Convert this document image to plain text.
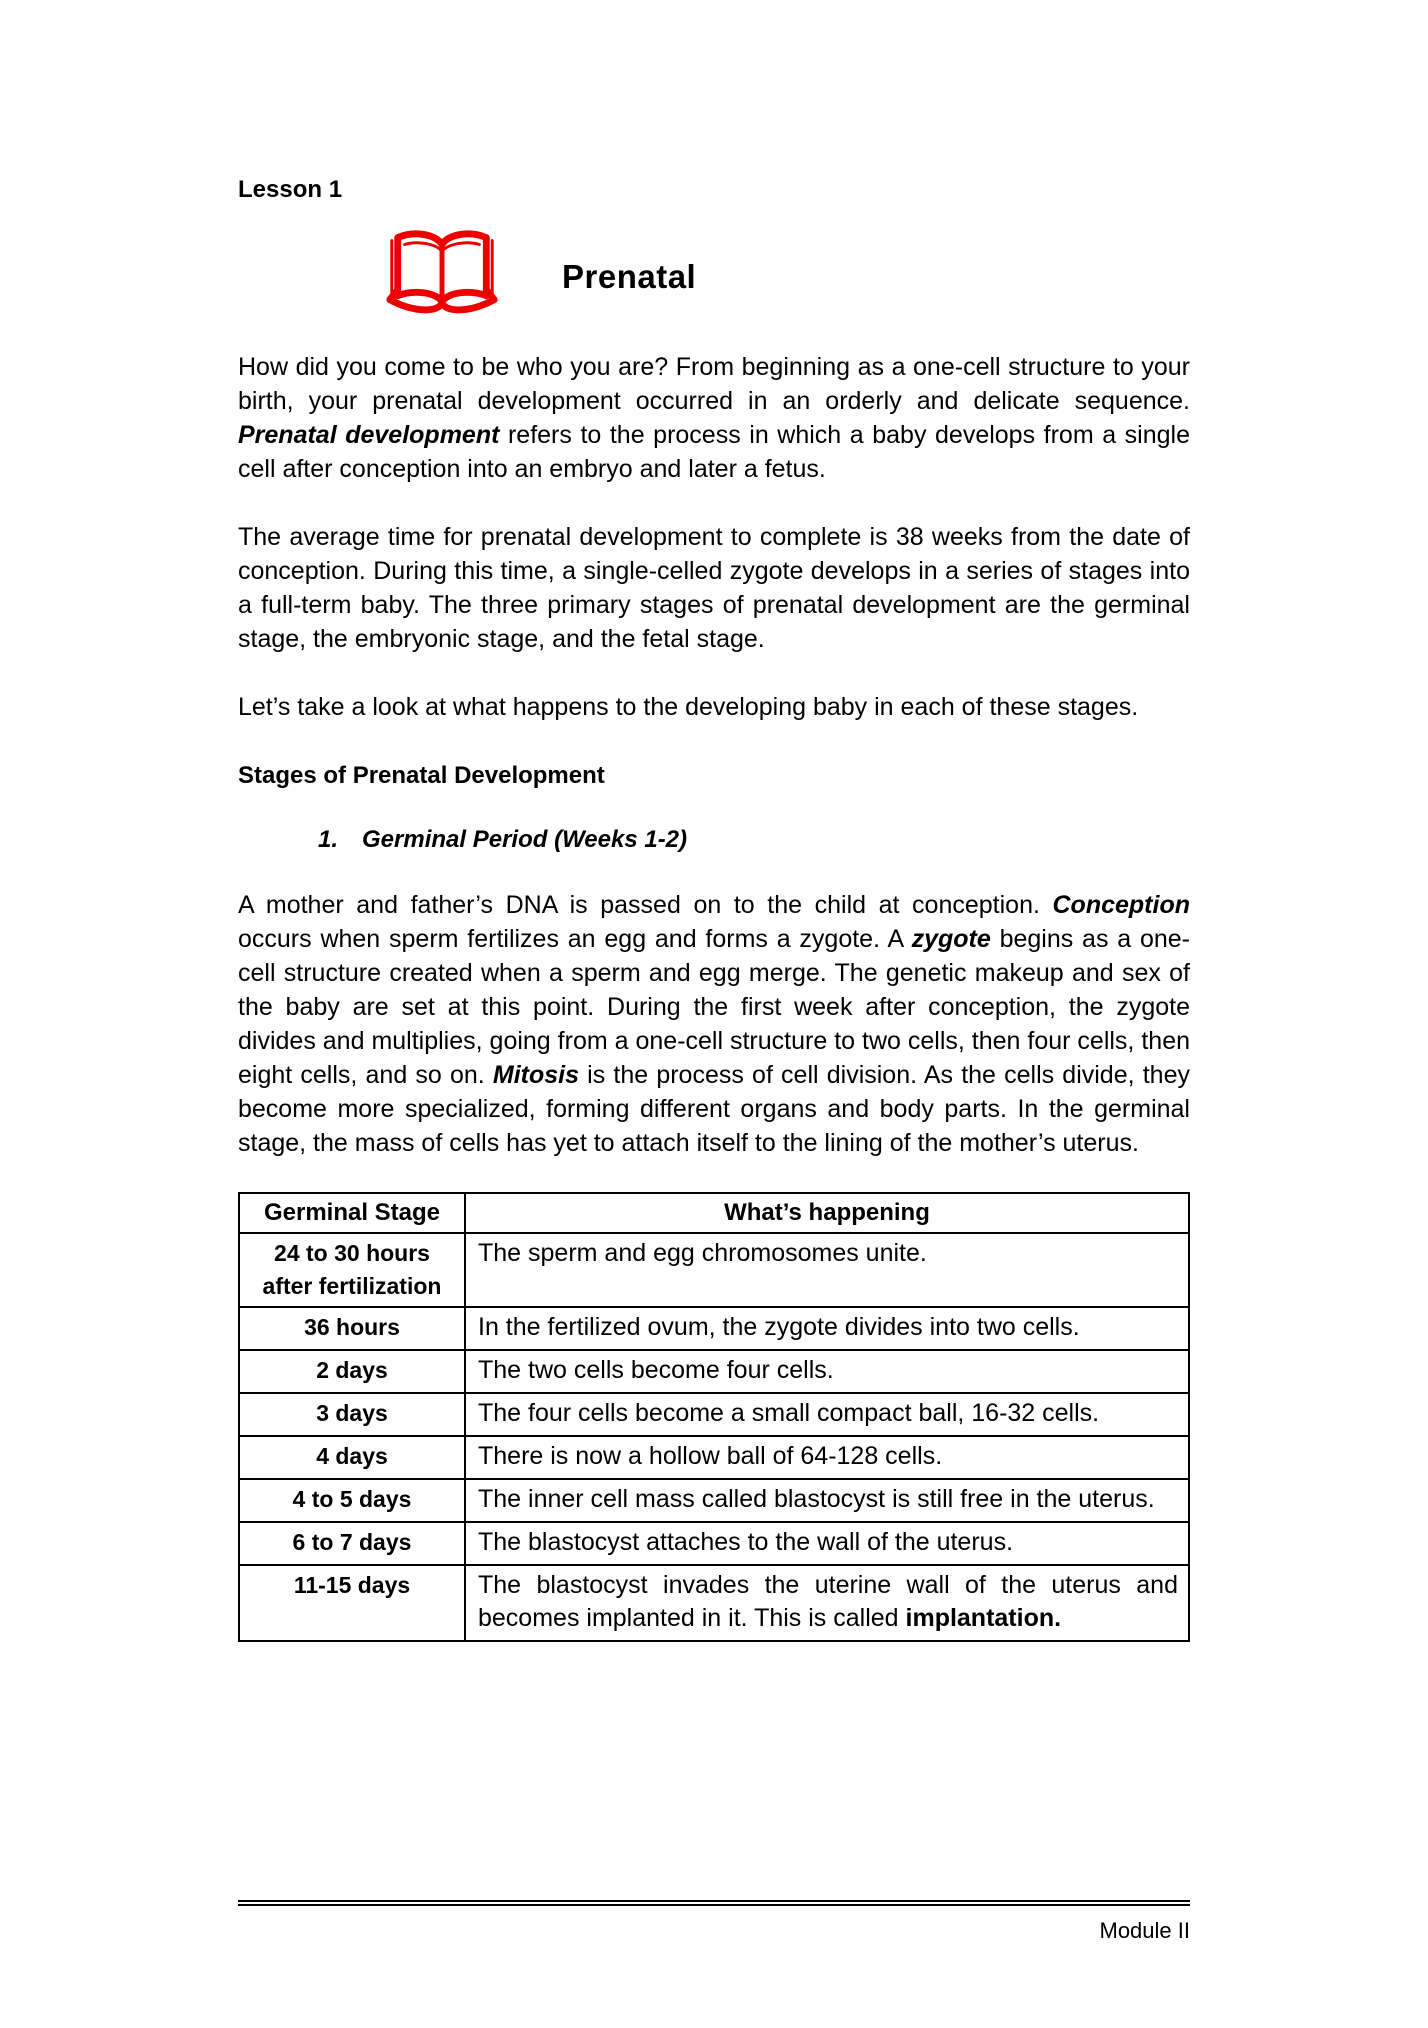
Lesson 1

Prenatal

How did you come to be who you are? From beginning as a one-cell structure to your birth, your prenatal development occurred in an orderly and delicate sequence. Prenatal development refers to the process in which a baby develops from a single cell after conception into an embryo and later a fetus.

The average time for prenatal development to complete is 38 weeks from the date of conception. During this time, a single-celled zygote develops in a series of stages into a full-term baby. The three primary stages of prenatal development are the germinal stage, the embryonic stage, and the fetal stage.

Let’s take a look at what happens to the developing baby in each of these stages.

Stages of Prenatal Development

1. Germinal Period (Weeks 1-2)

A mother and father’s DNA is passed on to the child at conception. Conception occurs when sperm fertilizes an egg and forms a zygote. A zygote begins as a one-cell structure created when a sperm and egg merge. The genetic makeup and sex of the baby are set at this point. During the first week after conception, the zygote divides and multiplies, going from a one-cell structure to two cells, then four cells, then eight cells, and so on. Mitosis is the process of cell division. As the cells divide, they become more specialized, forming different organs and body parts. In the germinal stage, the mass of cells has yet to attach itself to the lining of the mother’s uterus.

Germinal Stage	What’s happening
24 to 30 hours after fertilization	The sperm and egg chromosomes unite.
36 hours	In the fertilized ovum, the zygote divides into two cells.
2 days	The two cells become four cells.
3 days	The four cells become a small compact ball, 16-32 cells.
4 days	There is now a hollow ball of 64-128 cells.
4 to 5 days	The inner cell mass called blastocyst is still free in the uterus.
6 to 7 days	The blastocyst attaches to the wall of the uterus.
11-15 days	The blastocyst invades the uterine wall of the uterus and becomes implanted in it. This is called implantation.
Module II
